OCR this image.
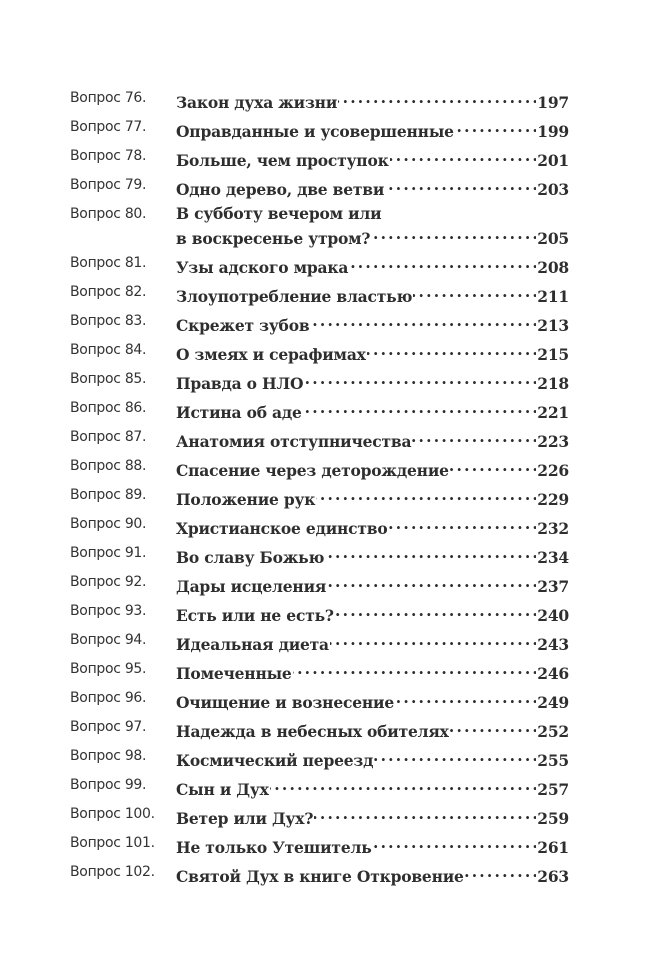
Вопрос 76.	Закон духа жизни . . .	197
Вопрос 77.	Оправданные и усовершенные . . .	199
Вопрос 78.	Больше, чем проступок . . .	201
Вопрос 79.	Одно дерево, две ветви . . .	203
Вопрос 80.	В субботу вечером или
в воскресенье утром? . . .	205
Вопрос 81.	Узы адского мрака . . .	208
Вопрос 82.	Злоупотребление властью . . .	211
Вопрос 83.	Скрежет зубов . . .	213
Вопрос 84.	О змеях и серафимах . . .	215
Вопрос 85.	Правда о НЛО . . .	218
Вопрос 86.	Истина об аде . . .	221
Вопрос 87.	Анатомия отступничества . . .	223
Вопрос 88.	Спасение через деторождение . . .	226
Вопрос 89.	Положение рук . . .	229
Вопрос 90.	Христианское единство . . .	232
Вопрос 91.	Во славу Божью . . .	234
Вопрос 92.	Дары исцеления . . .	237
Вопрос 93.	Есть или не есть? . . .	240
Вопрос 94.	Идеальная диета . . .	243
Вопрос 95.	Помеченные . . .	246
Вопрос 96.	Очищение и вознесение . . .	249
Вопрос 97.	Надежда в небесных обителях . . .	252
Вопрос 98.	Космический переезд . . .	255
Вопрос 99.	Сын и Дух . . .	257
Вопрос 100.	Ветер или Дух? . . .	259
Вопрос 101.	Не только Утешитель . . .	261
Вопрос 102.	Святой Дух в книге Откровение . . .	263
